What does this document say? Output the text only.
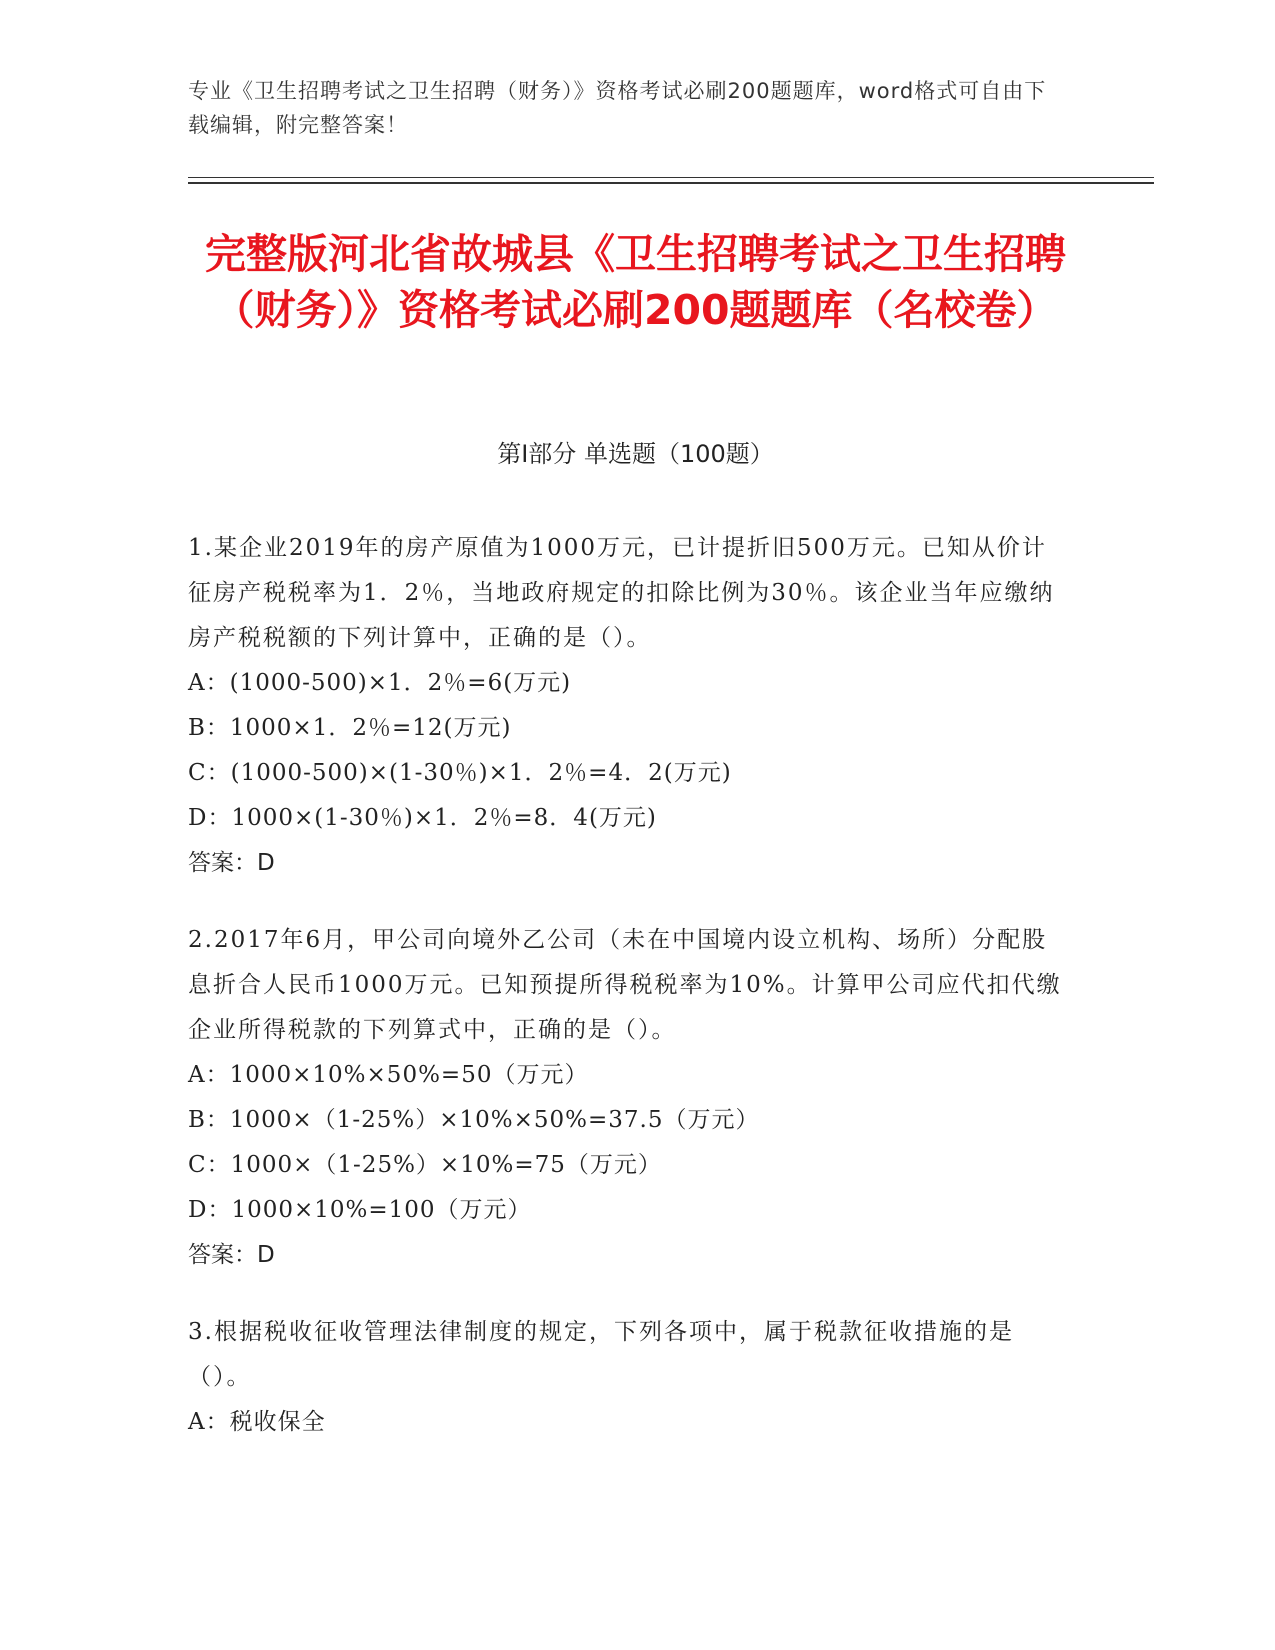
专业《卫生招聘考试之卫生招聘（财务）》资格考试必刷200题题库，word格式可自由下载编辑，附完整答案！
完整版河北省故城县《卫生招聘考试之卫生招聘（财务）》资格考试必刷200题题库（名校卷）
第Ⅰ部分 单选题（100题）

1.某企业2019年的房产原值为1000万元，已计提折旧500万元。已知从价计征房产税税率为1．2％，当地政府规定的扣除比例为30％。该企业当年应缴纳房产税税额的下列计算中，正确的是（）。

A：(1000-500)×1．2％=6(万元)

B：1000×1．2％=12(万元)

C：(1000-500)×(1-30％)×1．2％=4．2(万元)

D：1000×(1-30％)×1．2％=8．4(万元)

答案：D

2.2017年6月，甲公司向境外乙公司（未在中国境内设立机构、场所）分配股息折合人民币1000万元。已知预提所得税税率为10%。计算甲公司应代扣代缴企业所得税款的下列算式中，正确的是（）。

A：1000×10%×50%=50（万元）

B：1000×（1-25%）×10%×50%=37.5（万元）

C：1000×（1-25%）×10%=75（万元）

D：1000×10%=100（万元）

答案：D

3.根据税收征收管理法律制度的规定，下列各项中，属于税款征收措施的是（）。

A：税收保全
